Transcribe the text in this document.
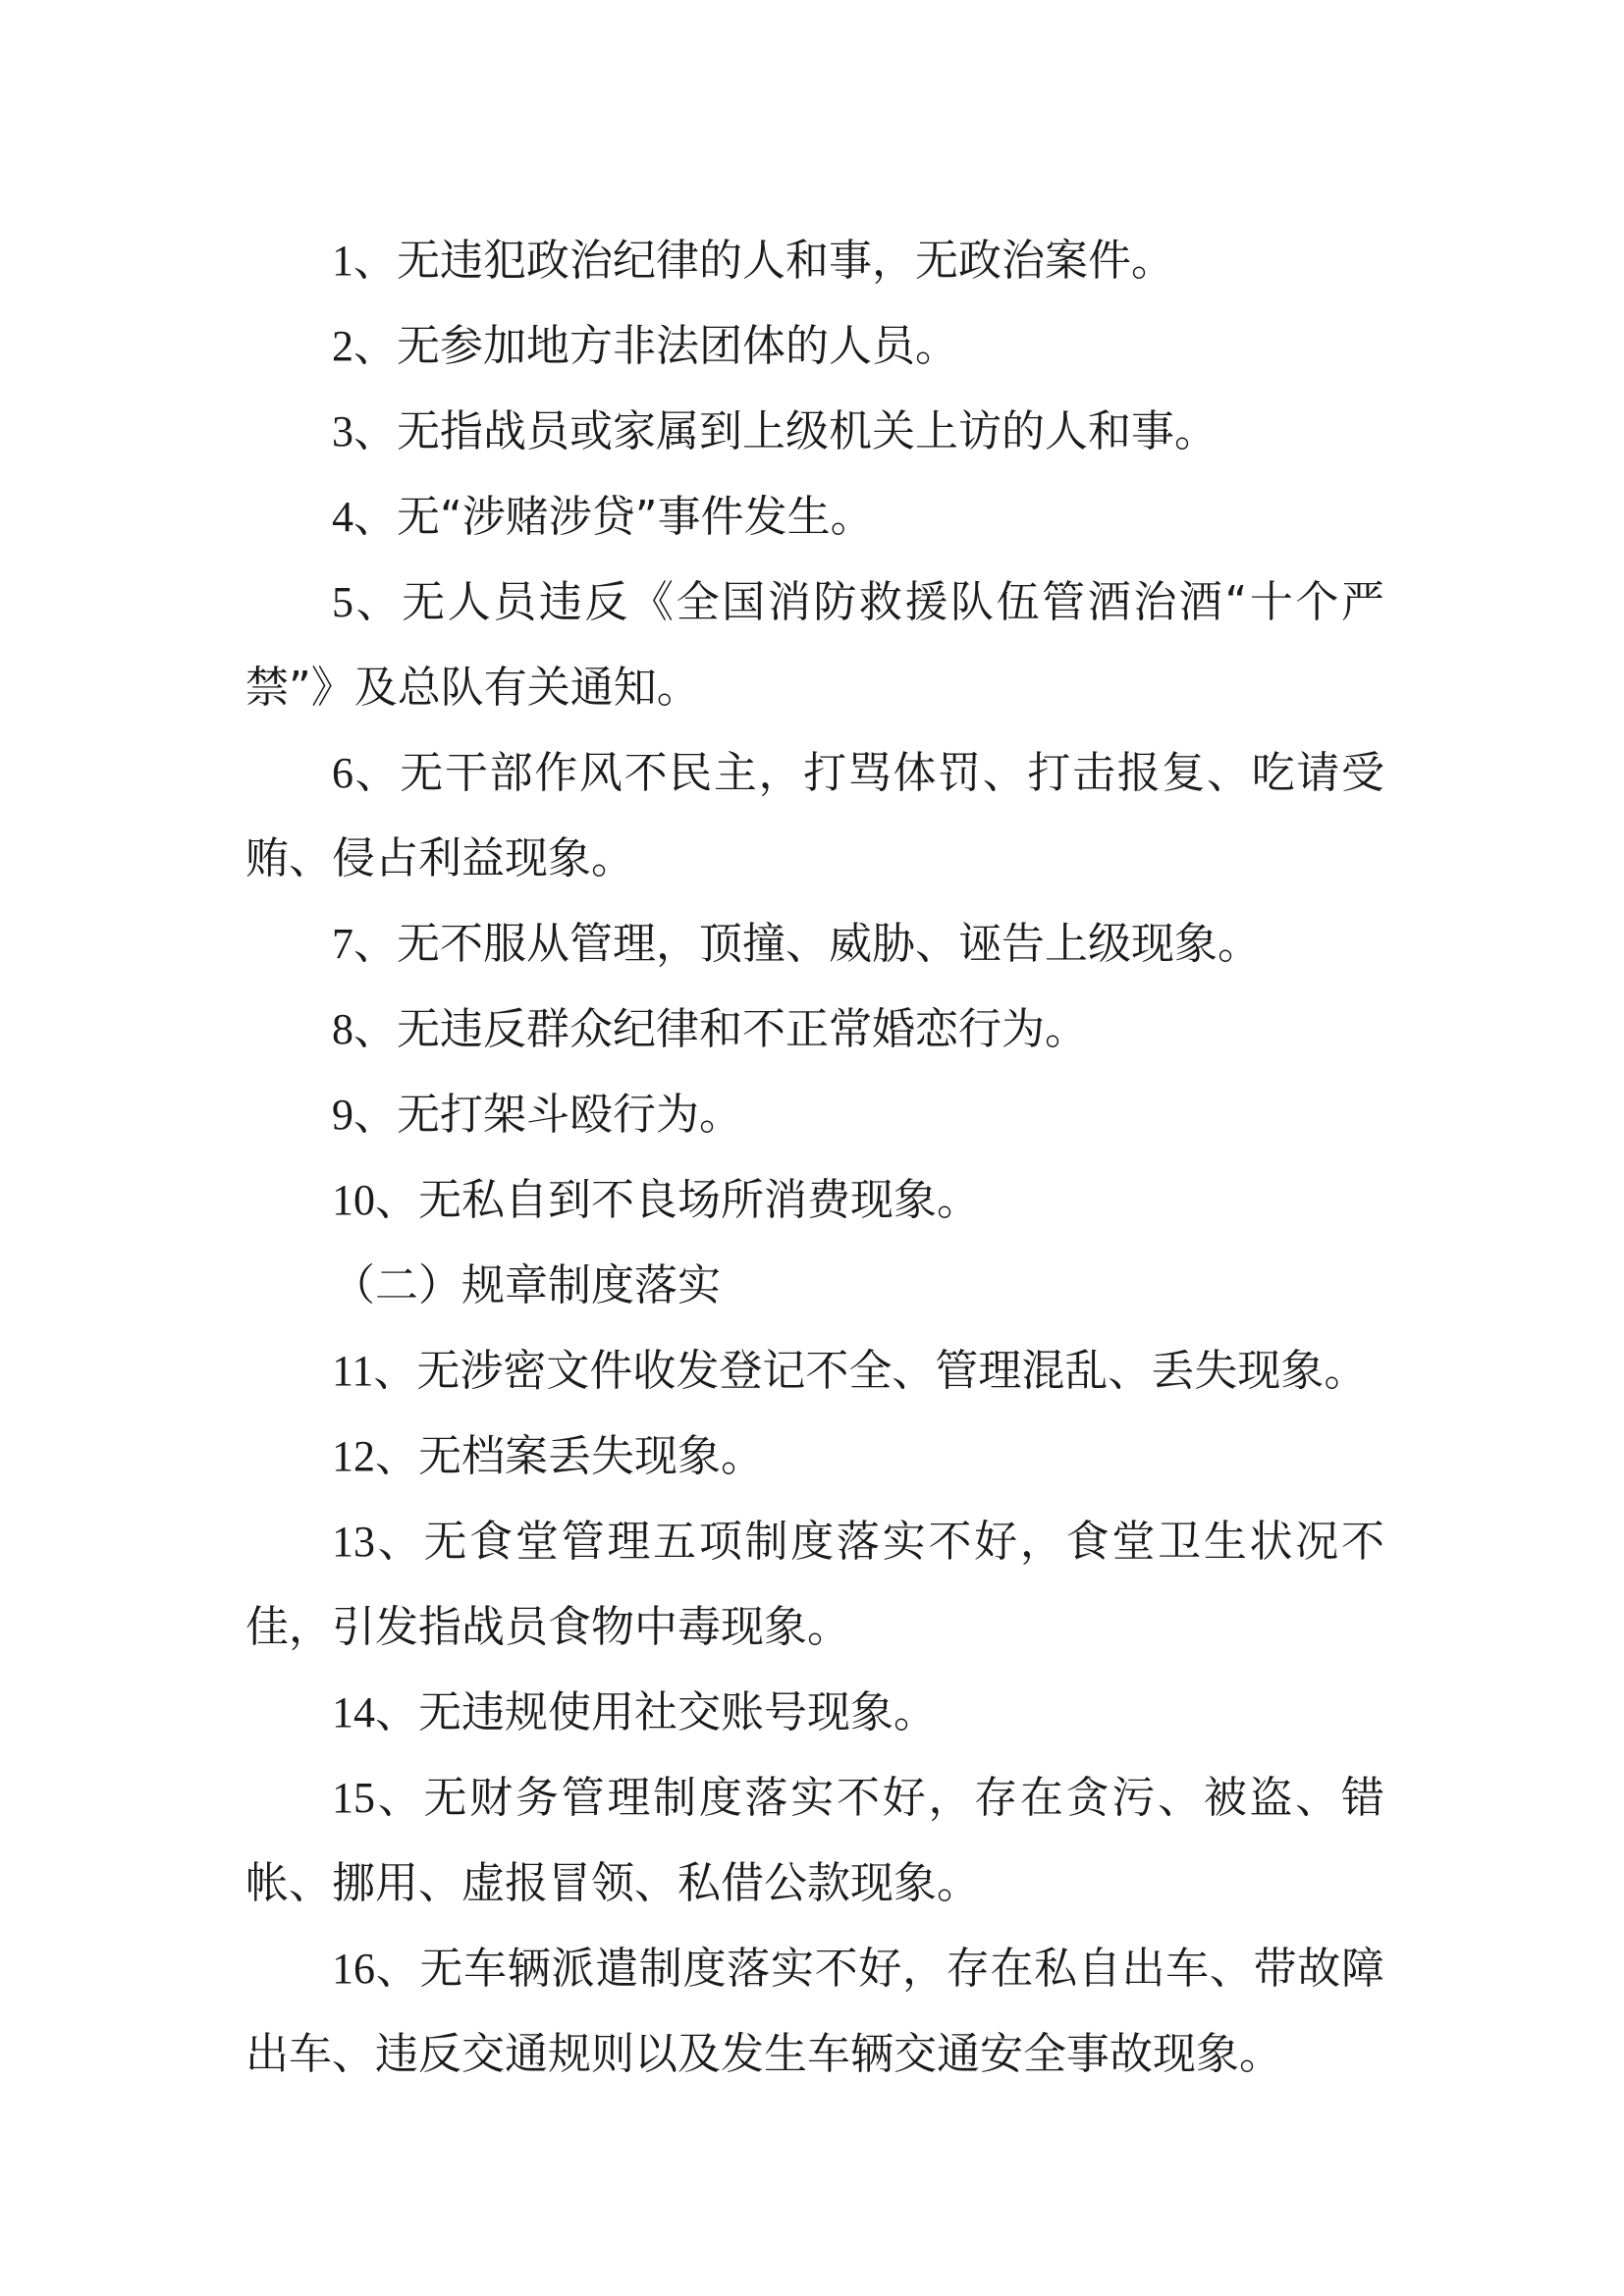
1、无违犯政治纪律的人和事，无政治案件。

2、无参加地方非法团体的人员。

3、无指战员或家属到上级机关上访的人和事。

4、无“涉赌涉贷”事件发生。

5、无人员违反《全国消防救援队伍管酒治酒“十个严禁”》及总队有关通知。

6、无干部作风不民主，打骂体罚、打击报复、吃请受贿、侵占利益现象。

7、无不服从管理，顶撞、威胁、诬告上级现象。

8、无违反群众纪律和不正常婚恋行为。

9、无打架斗殴行为。

10、无私自到不良场所消费现象。

（二）规章制度落实

11、无涉密文件收发登记不全、管理混乱、丢失现象。

12、无档案丢失现象。

13、无食堂管理五项制度落实不好，食堂卫生状况不佳，引发指战员食物中毒现象。

14、无违规使用社交账号现象。

15、无财务管理制度落实不好，存在贪污、被盗、错帐、挪用、虚报冒领、私借公款现象。

16、无车辆派遣制度落实不好，存在私自出车、带故障出车、违反交通规则以及发生车辆交通安全事故现象。
